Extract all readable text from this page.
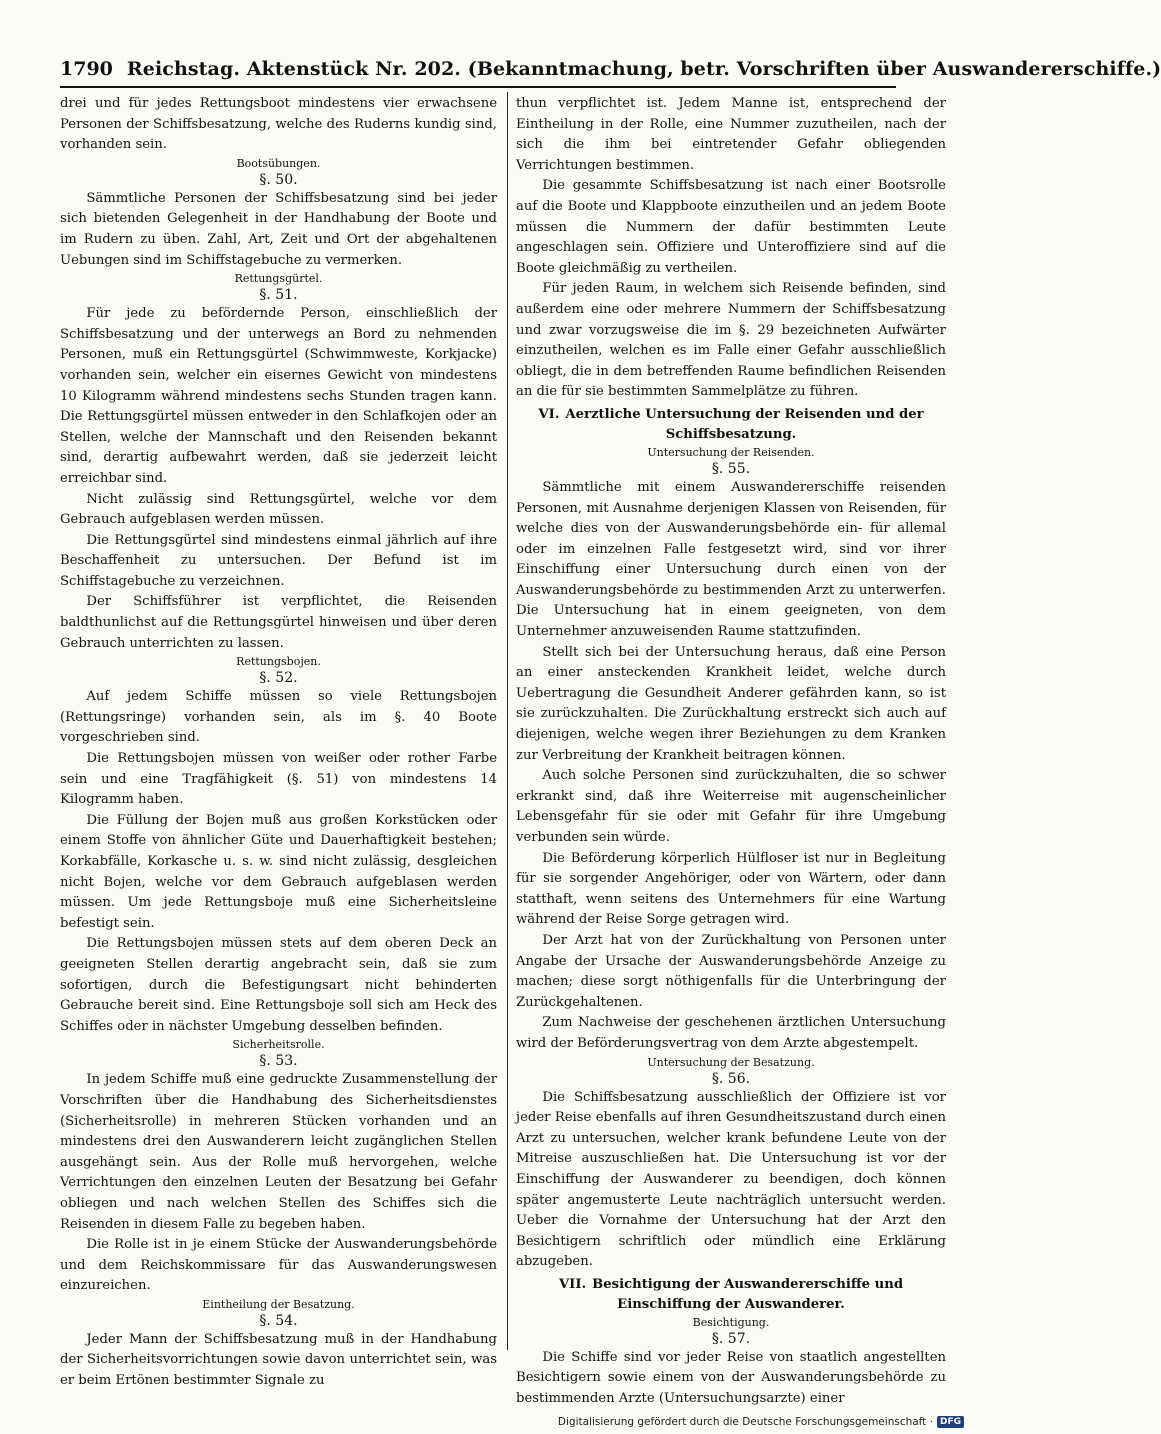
1790 Reichstag. Aktenstück Nr. 202. (Bekanntmachung, betr. Vorschriften über Auswandererschiffe.)

drei und für jedes Rettungsboot mindestens vier erwachsene Personen der Schiffsbesatzung, welche des Ruderns kundig sind, vorhanden sein.

Bootsübungen.
§. 50.

Sämmtliche Personen der Schiffsbesatzung sind bei jeder sich bietenden Gelegenheit in der Handhabung der Boote und im Rudern zu üben. Zahl, Art, Zeit und Ort der abgehaltenen Uebungen sind im Schiffstagebuche zu vermerken.

Rettungsgürtel.
§. 51.

Für jede zu befördernde Person, einschließlich der Schiffsbesatzung und der unterwegs an Bord zu nehmenden Personen, muß ein Rettungsgürtel (Schwimmweste, Korkjacke) vorhanden sein, welcher ein eisernes Gewicht von mindestens 10 Kilogramm während mindestens sechs Stunden tragen kann. Die Rettungsgürtel müssen entweder in den Schlafkojen oder an Stellen, welche der Mannschaft und den Reisenden bekannt sind, derartig aufbewahrt werden, daß sie jederzeit leicht erreichbar sind.

Nicht zulässig sind Rettungsgürtel, welche vor dem Gebrauch aufgeblasen werden müssen.

Die Rettungsgürtel sind mindestens einmal jährlich auf ihre Beschaffenheit zu untersuchen. Der Befund ist im Schiffstagebuche zu verzeichnen.

Der Schiffsführer ist verpflichtet, die Reisenden baldthunlichst auf die Rettungsgürtel hinweisen und über deren Gebrauch unterrichten zu lassen.

Rettungsbojen.
§. 52.

Auf jedem Schiffe müssen so viele Rettungsbojen (Rettungsringe) vorhanden sein, als im §. 40 Boote vorgeschrieben sind.

Die Rettungsbojen müssen von weißer oder rother Farbe sein und eine Tragfähigkeit (§. 51) von mindestens 14 Kilogramm haben.

Die Füllung der Bojen muß aus großen Korkstücken oder einem Stoffe von ähnlicher Güte und Dauerhaftigkeit bestehen; Korkabfälle, Korkasche u. s. w. sind nicht zulässig, desgleichen nicht Bojen, welche vor dem Gebrauch aufgeblasen werden müssen. Um jede Rettungsboje muß eine Sicherheitsleine befestigt sein.

Die Rettungsbojen müssen stets auf dem oberen Deck an geeigneten Stellen derartig angebracht sein, daß sie zum sofortigen, durch die Befestigungsart nicht behinderten Gebrauche bereit sind. Eine Rettungsboje soll sich am Heck des Schiffes oder in nächster Umgebung desselben befinden.

Sicherheitsrolle.
§. 53.

In jedem Schiffe muß eine gedruckte Zusammenstellung der Vorschriften über die Handhabung des Sicherheitsdienstes (Sicherheitsrolle) in mehreren Stücken vorhanden und an mindestens drei den Auswanderern leicht zugänglichen Stellen ausgehängt sein. Aus der Rolle muß hervorgehen, welche Verrichtungen den einzelnen Leuten der Besatzung bei Gefahr obliegen und nach welchen Stellen des Schiffes sich die Reisenden in diesem Falle zu begeben haben.

Die Rolle ist in je einem Stücke der Auswanderungsbehörde und dem Reichskommissare für das Auswanderungswesen einzureichen.

Eintheilung der Besatzung.
§. 54.

Jeder Mann der Schiffsbesatzung muß in der Handhabung der Sicherheitsvorrichtungen sowie davon unterrichtet sein, was er beim Ertönen bestimmter Signale zu

thun verpflichtet ist. Jedem Manne ist, entsprechend der Eintheilung in der Rolle, eine Nummer zuzutheilen, nach der sich die ihm bei eintretender Gefahr obliegenden Verrichtungen bestimmen.

Die gesammte Schiffsbesatzung ist nach einer Bootsrolle auf die Boote und Klappboote einzutheilen und an jedem Boote müssen die Nummern der dafür bestimmten Leute angeschlagen sein. Offiziere und Unteroffiziere sind auf die Boote gleichmäßig zu vertheilen.

Für jeden Raum, in welchem sich Reisende befinden, sind außerdem eine oder mehrere Nummern der Schiffsbesatzung und zwar vorzugsweise die im §. 29 bezeichneten Aufwärter einzutheilen, welchen es im Falle einer Gefahr ausschließlich obliegt, die in dem betreffenden Raume befindlichen Reisenden an die für sie bestimmten Sammelplätze zu führen.

VI. Aerztliche Untersuchung der Reisenden und der Schiffsbesatzung.
Untersuchung der Reisenden.
§. 55.

Sämmtliche mit einem Auswandererschiffe reisenden Personen, mit Ausnahme derjenigen Klassen von Reisenden, für welche dies von der Auswanderungsbehörde ein- für allemal oder im einzelnen Falle festgesetzt wird, sind vor ihrer Einschiffung einer Untersuchung durch einen von der Auswanderungsbehörde zu bestimmenden Arzt zu unterwerfen. Die Untersuchung hat in einem geeigneten, von dem Unternehmer anzuweisenden Raume stattzufinden.

Stellt sich bei der Untersuchung heraus, daß eine Person an einer ansteckenden Krankheit leidet, welche durch Uebertragung die Gesundheit Anderer gefährden kann, so ist sie zurückzuhalten. Die Zurückhaltung erstreckt sich auch auf diejenigen, welche wegen ihrer Beziehungen zu dem Kranken zur Verbreitung der Krankheit beitragen können.

Auch solche Personen sind zurückzuhalten, die so schwer erkrankt sind, daß ihre Weiterreise mit augenscheinlicher Lebensgefahr für sie oder mit Gefahr für ihre Umgebung verbunden sein würde.

Die Beförderung körperlich Hülfloser ist nur in Begleitung für sie sorgender Angehöriger, oder von Wärtern, oder dann statthaft, wenn seitens des Unternehmers für eine Wartung während der Reise Sorge getragen wird.

Der Arzt hat von der Zurückhaltung von Personen unter Angabe der Ursache der Auswanderungsbehörde Anzeige zu machen; diese sorgt nöthigenfalls für die Unterbringung der Zurückgehaltenen.

Zum Nachweise der geschehenen ärztlichen Untersuchung wird der Beförderungsvertrag von dem Arzte abgestempelt.

Untersuchung der Besatzung.
§. 56.

Die Schiffsbesatzung ausschließlich der Offiziere ist vor jeder Reise ebenfalls auf ihren Gesundheitszustand durch einen Arzt zu untersuchen, welcher krank befundene Leute von der Mitreise auszuschließen hat. Die Untersuchung ist vor der Einschiffung der Auswanderer zu beendigen, doch können später angemusterte Leute nachträglich untersucht werden. Ueber die Vornahme der Untersuchung hat der Arzt den Besichtigern schriftlich oder mündlich eine Erklärung abzugeben.

VII. Besichtigung der Auswandererschiffe und Einschiffung der Auswanderer.
Besichtigung.
§. 57.

Die Schiffe sind vor jeder Reise von staatlich angestellten Besichtigern sowie einem von der Auswanderungsbehörde zu bestimmenden Arzte (Untersuchungsarzte) einer

Digitalisierung gefördert durch die Deutsche Forschungsgemeinschaft · DFG
